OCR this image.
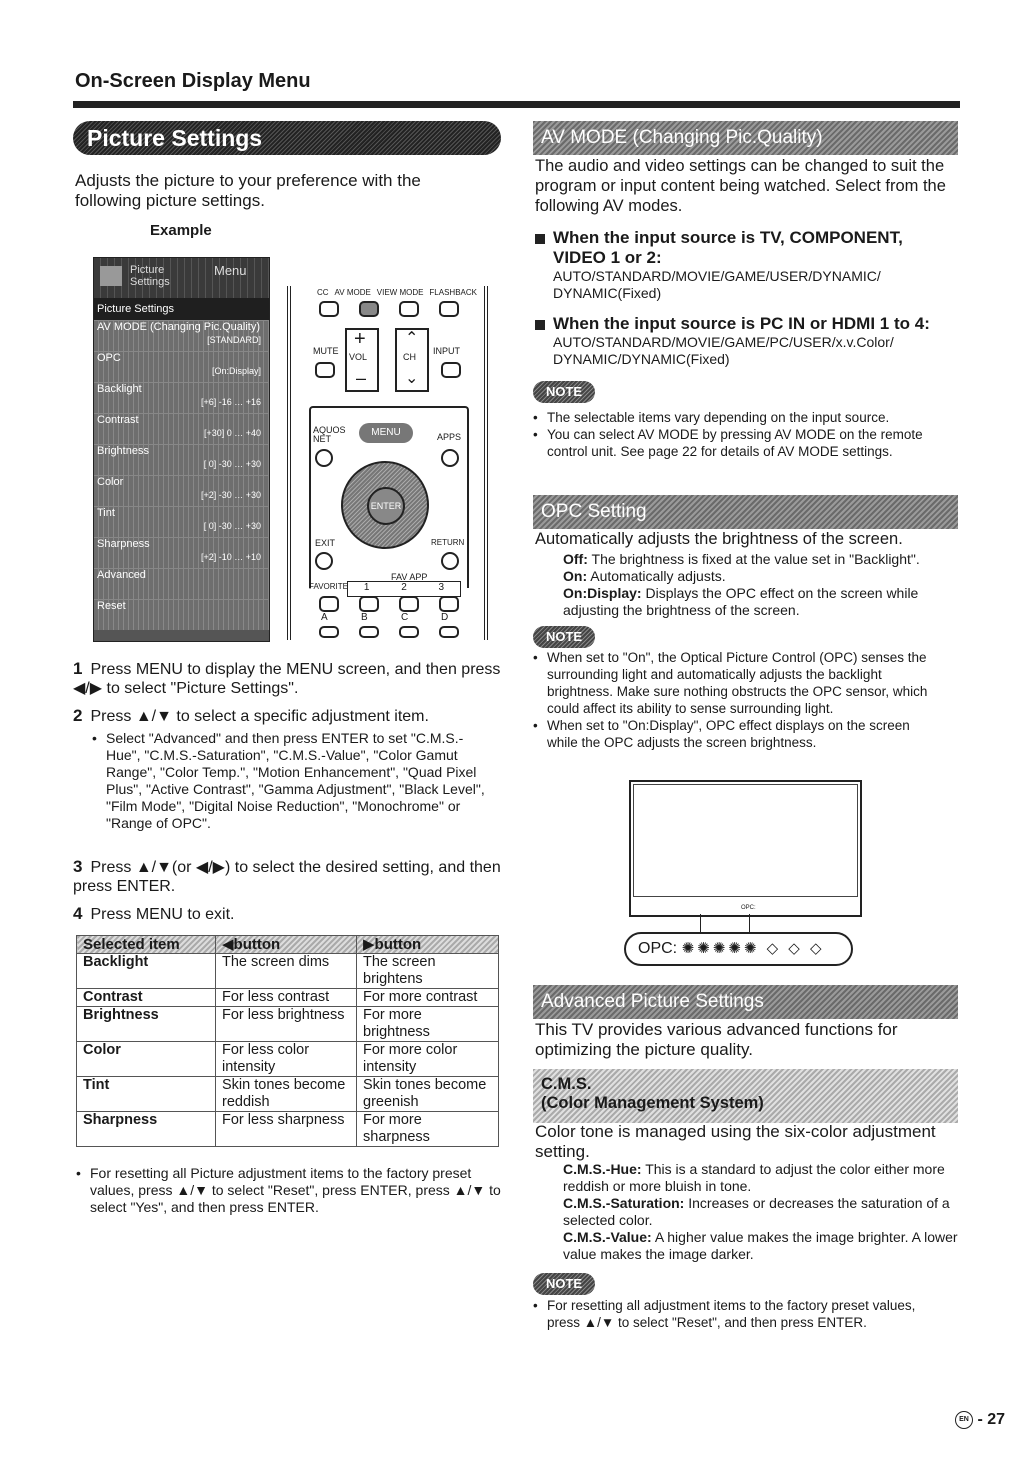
On-Screen Display Menu
Picture Settings
Adjusts the picture to your preference with the following picture settings.
Example
Picture Settings
Menu
Picture Settings
AV MODE (Changing Pic.Quality)
[STANDARD]
OPC
[On:Display]
Backlight
[+6] -16 … +16
Contrast
[+30] 0 … +40
Brightness
[ 0] -30 … +30
Color
[+2] -30 … +30
Tint
[ 0] -30 … +30
Sharpness
[+2] -10 … +10
Advanced
Reset
CC AV MODE VIEW MODE FLASHBACK
MUTE
+
VOL
–
⌃
CH
⌄
INPUT
AQUOS NET
MENU	APPS
ENTER
EXIT	RETURN
FAVORITE
FAV APP
1	2	3
A	B	C	D
1 Press MENU to display the MENU screen, and then press ◀/▶ to select "Picture Settings".
2 Press ▲/▼ to select a specific adjustment item.
• Select "Advanced" and then press ENTER to set "C.M.S.-Hue", "C.M.S.-Saturation", "C.M.S.-Value", "Color Gamut Range", "Color Temp.", "Motion Enhancement", "Quad Pixel Plus", "Active Contrast", "Gamma Adjustment", "Black Level", "Film Mode", "Digital Noise Reduction", "Monochrome" or "Range of OPC".
3 Press ▲/▼(or ◀/▶) to select the desired setting, and then press ENTER.
4 Press MENU to exit.
Selected item	◀button	▶button
Backlight	The screen dims	The screen brightens
Contrast	For less contrast	For more contrast
Brightness	For less brightness	For more brightness
Color	For less color intensity	For more color intensity
Tint	Skin tones become reddish	Skin tones become greenish
Sharpness	For less sharpness	For more sharpness
• For resetting all Picture adjustment items to the factory preset values, press ▲/▼ to select "Reset", press ENTER, press ▲/▼ to select "Yes", and then press ENTER.
AV MODE (Changing Pic.Quality)
The audio and video settings can be changed to suit the program or input content being watched. Select from the following AV modes.
When the input source is TV, COMPONENT, VIDEO 1 or 2:
AUTO/STANDARD/MOVIE/GAME/USER/DYNAMIC/ DYNAMIC(Fixed)
When the input source is PC IN or HDMI 1 to 4:
AUTO/STANDARD/MOVIE/GAME/PC/USER/x.v.Color/ DYNAMIC/DYNAMIC(Fixed)
NOTE
• The selectable items vary depending on the input source.
• You can select AV MODE by pressing AV MODE on the remote control unit. See page 22 for details of AV MODE settings.
OPC Setting
Automatically adjusts the brightness of the screen.
Off: The brightness is fixed at the value set in "Backlight".
On: Automatically adjusts.
On:Display: Displays the OPC effect on the screen while adjusting the brightness of the screen.
NOTE
• When set to "On", the Optical Picture Control (OPC) senses the surrounding light and automatically adjusts the backlight brightness. Make sure nothing obstructs the OPC sensor, which could affect its ability to sense surrounding light.
• When set to "On:Display", OPC effect displays on the screen while the OPC adjusts the screen brightness.
OPC:
OPC: ✺✺✺✺✺ ◇ ◇ ◇
Advanced Picture Settings
This TV provides various advanced functions for optimizing the picture quality.
C.M.S.
(Color Management System)
Color tone is managed using the six-color adjustment setting.
C.M.S.-Hue: This is a standard to adjust the color either more reddish or more bluish in tone.
C.M.S.-Saturation: Increases or decreases the saturation of a selected color.
C.M.S.-Value: A higher value makes the image brighter. A lower value makes the image darker.
NOTE
• For resetting all adjustment items to the factory preset values, press ▲/▼ to select "Reset", and then press ENTER.
EN - 27
